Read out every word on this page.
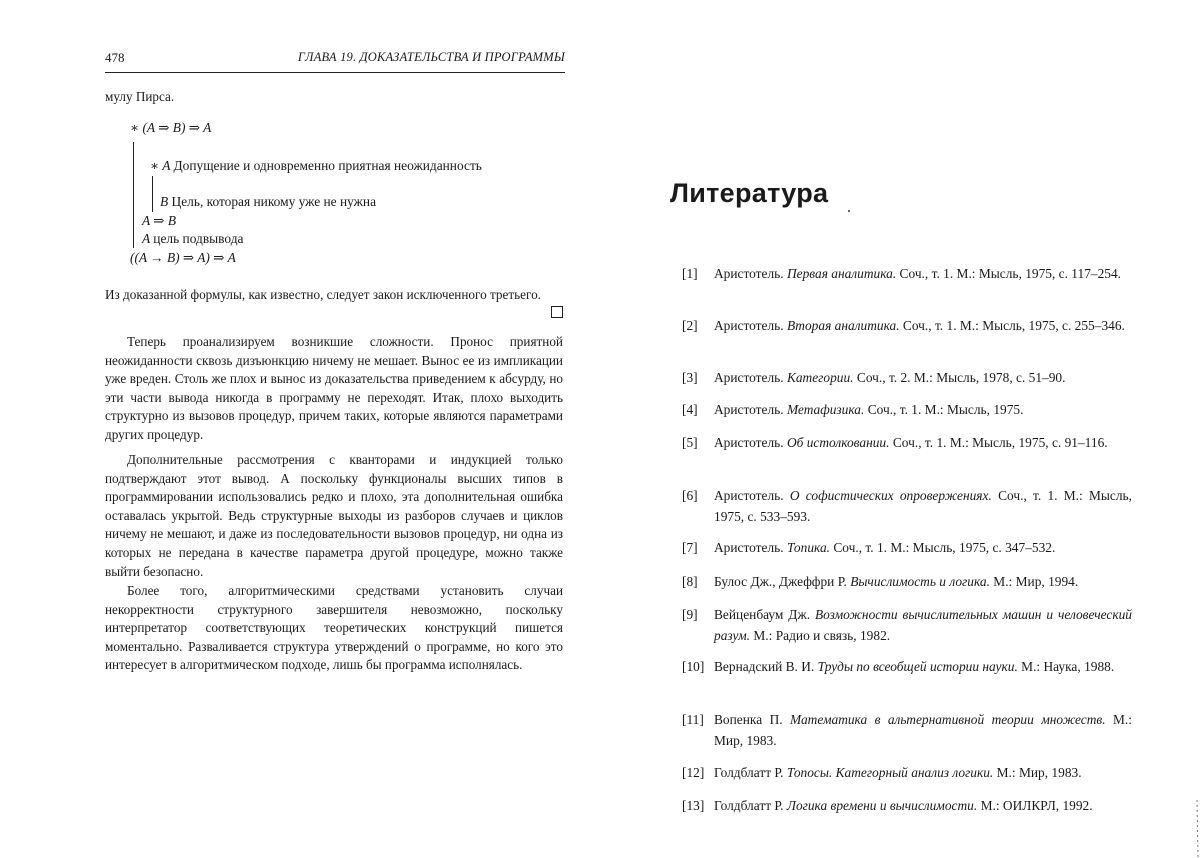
478	ГЛАВА 19. ДОКАЗАТЕЛЬСТВА И ПРОГРАММЫ
мулу Пирса.
∗ (A ⇒ B) ⇒ A
∗ A Допущение и одновременно приятная неожиданность
B Цель, которая никому уже не нужна
A ⇒ B
A цель подвывода
((A → B) ⇒ A) ⇒ A
Из доказанной формулы, как известно, следует закон исключенного третьего.
Теперь проанализируем возникшие сложности. Пронос приятной неожиданности сквозь дизъюнкцию ничему не мешает. Вынос ее из импликации уже вреден. Столь же плох и вынос из доказательства приведением к абсурду, но эти части вывода никогда в программу не переходят. Итак, плохо выходить структурно из вызовов процедур, причем таких, которые являются параметрами других процедур.
Дополнительные рассмотрения с кванторами и индукцией только подтверждают этот вывод. А поскольку функционалы высших типов в программировании использовались редко и плохо, эта дополнительная ошибка оставалась укрытой. Ведь структурные выходы из разборов случаев и циклов ничему не мешают, и даже из последовательности вызовов процедур, ни одна из которых не передана в качестве параметра другой процедуре, можно также выйти безопасно.
Более того, алгоритмическими средствами установить случаи некорректности структурного завершителя невозможно, поскольку интерпретатор соответствующих теоретических конструкций пишется моментально. Разваливается структура утверждений о программе, но кого это интересует в алгоритмическом подходе, лишь бы программа исполнялась.
Литература
[1]	Аристотель. Первая аналитика. Соч., т. 1. М.: Мысль, 1975, с. 117–254.
[2]	Аристотель. Вторая аналитика. Соч., т. 1. М.: Мысль, 1975, с. 255–346.
[3]	Аристотель. Категории. Соч., т. 2. М.: Мысль, 1978, с. 51–90.
[4]	Аристотель. Метафизика. Соч., т. 1. М.: Мысль, 1975.
[5]	Аристотель. Об истолковании. Соч., т. 1. М.: Мысль, 1975, с. 91–116.
[6]	Аристотель. О софистических опровержениях. Соч., т. 1. М.: Мысль, 1975, с. 533–593.
[7]	Аристотель. Топика. Соч., т. 1. М.: Мысль, 1975, с. 347–532.
[8]	Булос Дж., Джеффри Р. Вычислимость и логика. М.: Мир, 1994.
[9]	Вейценбаум Дж. Возможности вычислительных машин и человеческий разум. М.: Радио и связь, 1982.
[10] Вернадский В. И. Труды по всеобщей истории науки. М.: Наука, 1988.
[11] Вопенка П. Математика в альтернативной теории множеств. М.: Мир, 1983.
[12] Голдблатт Р. Топосы. Категорный анализ логики. М.: Мир, 1983.
[13] Голдблатт Р. Логика времени и вычислимости. М.: ОИЛКРЛ, 1992.
